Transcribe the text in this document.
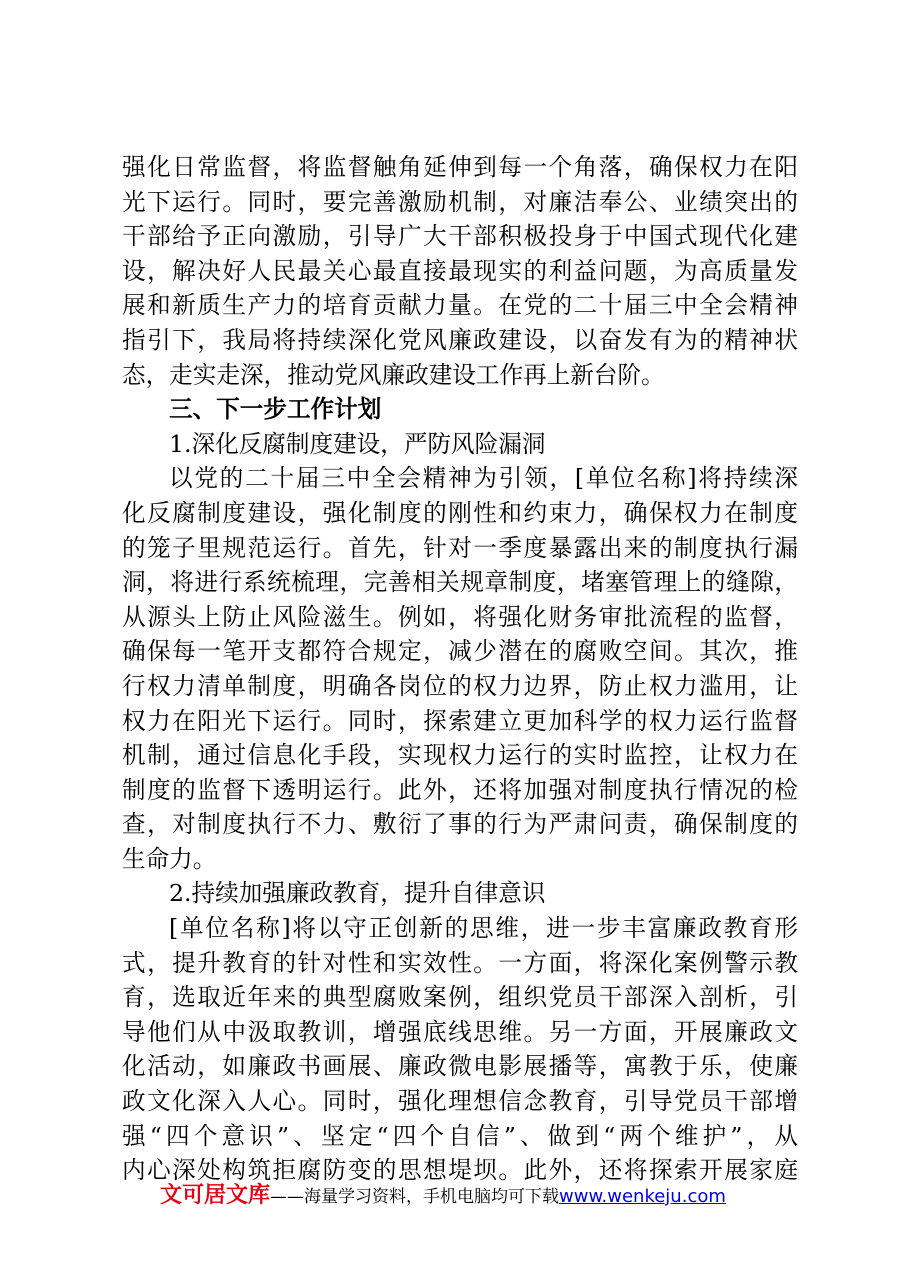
强化日常监督，将监督触角延伸到每一个角落，确保权力在阳
光下运行。同时，要完善激励机制，对廉洁奉公、业绩突出的
干部给予正向激励，引导广大干部积极投身于中国式现代化建
设，解决好人民最关心最直接最现实的利益问题，为高质量发
展和新质生产力的培育贡献力量。在党的二十届三中全会精神
指引下，我局将持续深化党风廉政建设，以奋发有为的精神状
态，走实走深，推动党风廉政建设工作再上新台阶。
三、下一步工作计划
1.深化反腐制度建设，严防风险漏洞
以党的二十届三中全会精神为引领，[单位名称]将持续深
化反腐制度建设，强化制度的刚性和约束力，确保权力在制度
的笼子里规范运行。首先，针对一季度暴露出来的制度执行漏
洞，将进行系统梳理，完善相关规章制度，堵塞管理上的缝隙，
从源头上防止风险滋生。例如，将强化财务审批流程的监督，
确保每一笔开支都符合规定，减少潜在的腐败空间。其次，推
行权力清单制度，明确各岗位的权力边界，防止权力滥用，让
权力在阳光下运行。同时，探索建立更加科学的权力运行监督
机制，通过信息化手段，实现权力运行的实时监控，让权力在
制度的监督下透明运行。此外，还将加强对制度执行情况的检
查，对制度执行不力、敷衍了事的行为严肃问责，确保制度的
生命力。
2.持续加强廉政教育，提升自律意识
[单位名称]将以守正创新的思维，进一步丰富廉政教育形
式，提升教育的针对性和实效性。一方面，将深化案例警示教
育，选取近年来的典型腐败案例，组织党员干部深入剖析，引
导他们从中汲取教训，增强底线思维。另一方面，开展廉政文
化活动，如廉政书画展、廉政微电影展播等，寓教于乐，使廉
政文化深入人心。同时，强化理想信念教育，引导党员干部增
强“四个意识”、坚定“四个自信”、做到“两个维护”，从
内心深处构筑拒腐防变的思想堤坝。此外，还将探索开展家庭
文可居文库——海量学习资料，手机电脑均可下载www.wenkeju.com
